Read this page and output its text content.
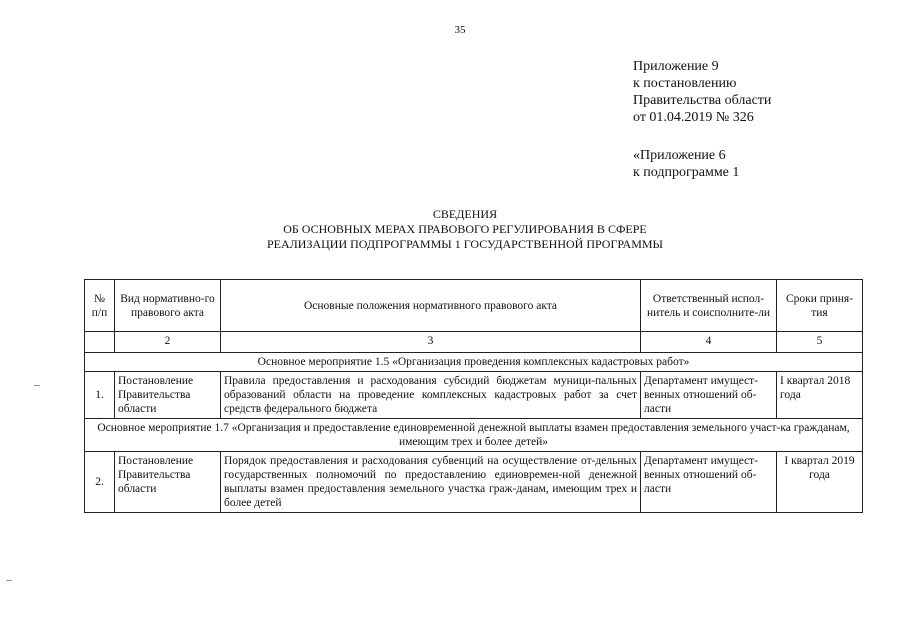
35
Приложение 9
к постановлению
Правительства области
от 01.04.2019 № 326
«Приложение 6
к подпрограмме 1
СВЕДЕНИЯ
ОБ ОСНОВНЫХ МЕРАХ ПРАВОВОГО РЕГУЛИРОВАНИЯ В СФЕРЕ
РЕАЛИЗАЦИИ ПОДПРОГРАММЫ 1 ГОСУДАРСТВЕННОЙ ПРОГРАММЫ
№ п/п	Вид нормативно-го правового акта	Основные положения нормативного правового акта	Ответственный испол-нитель и соисполните-ли	Сроки приня-тия
	2	3	4	5
Основное мероприятие 1.5 «Организация проведения комплексных кадастровых работ»				
1.	Постановление Правительства области	Правила предоставления и расходования субсидий бюджетам муници-пальных образований области на проведение комплексных кадастровых работ за счет средств федерального бюджета	Департамент имущест-венных отношений об-ласти	I квартал 2018 года
Основное мероприятие 1.7 «Организация и предоставление единовременной денежной выплаты взамен предоставления земельного участ-ка гражданам, имеющим трех и более детей»				
2.	Постановление Правительства области	Порядок предоставления и расходования субвенций на осуществление от-дельных государственных полномочий по предоставлению единовремен-ной денежной выплаты взамен предоставления земельного участка граж-данам, имеющим трех и более детей	Департамент имущест-венных отношений об-ласти	I квартал 2019 года
